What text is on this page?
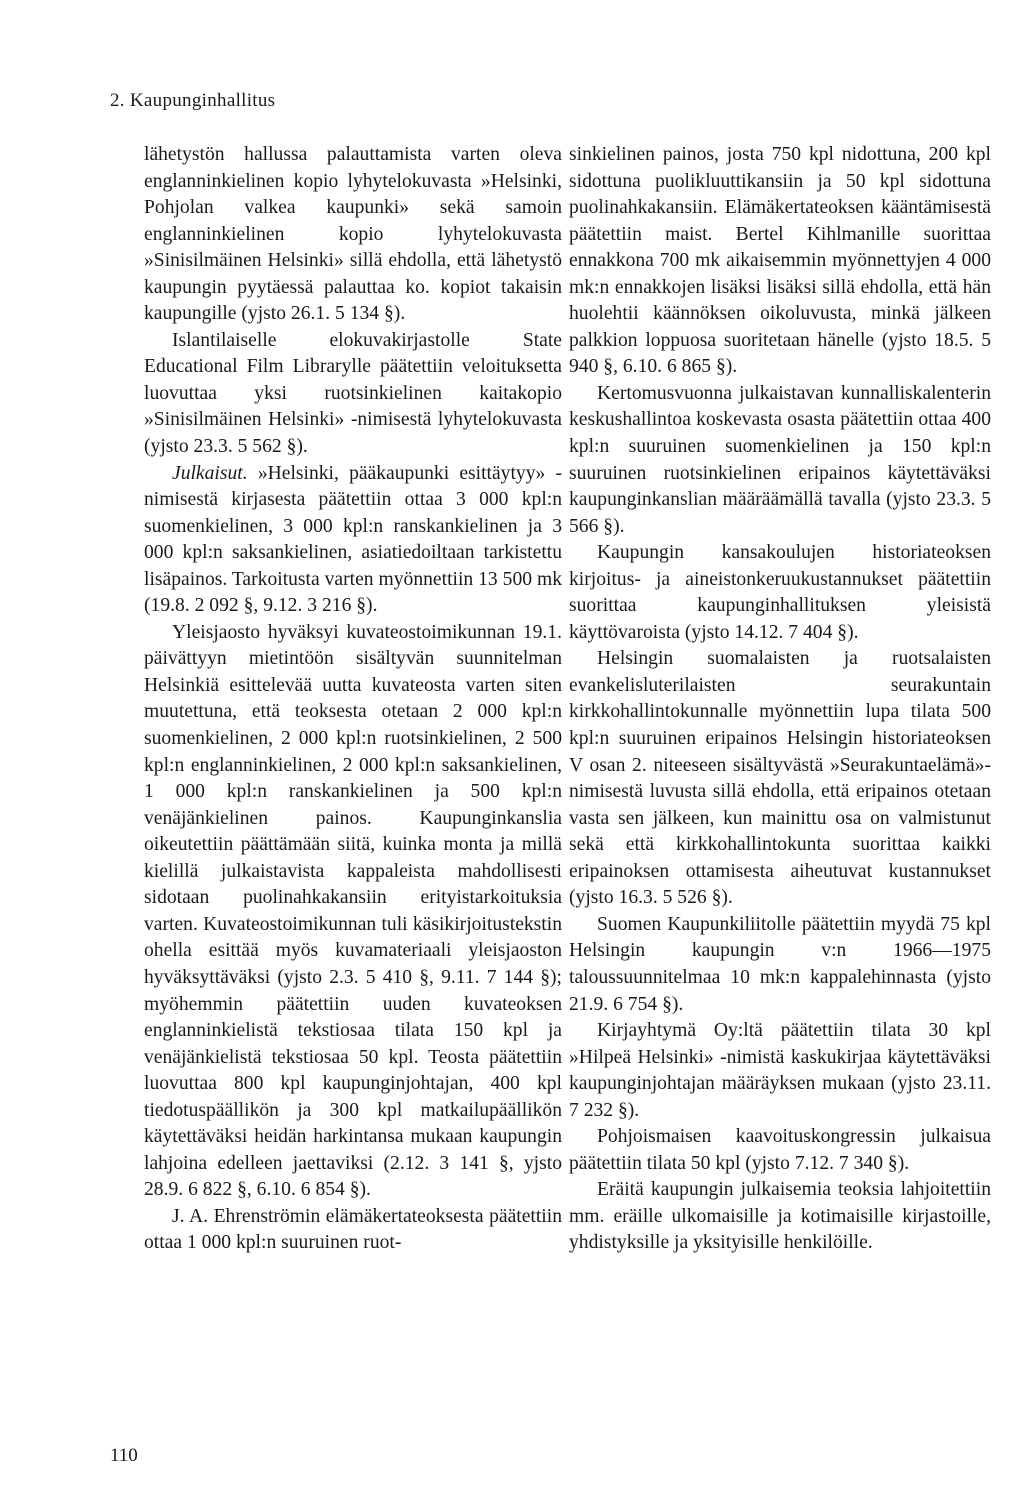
2. Kaupunginhallitus

lähetystön hallussa palauttamista varten oleva englanninkielinen kopio lyhytelokuvasta »Helsinki, Pohjolan valkea kaupunki» sekä samoin englanninkielinen kopio lyhytelokuvasta »Sinisilmäinen Helsinki» sillä ehdolla, että lähetystö kaupungin pyytäessä palauttaa ko. kopiot takaisin kaupungille (yjsto 26.1. 5 134 §).

Islantilaiselle elokuvakirjastolle State Educational Film Librarylle päätettiin veloituksetta luovuttaa yksi ruotsinkielinen kaitakopio »Sinisilmäinen Helsinki» -nimisestä lyhytelokuvasta (yjsto 23.3. 5 562 §).

Julkaisut. »Helsinki, pääkaupunki esittäytyy» -nimisestä kirjasesta päätettiin ottaa 3 000 kpl:n suomenkielinen, 3 000 kpl:n ranskankielinen ja 3 000 kpl:n saksankielinen, asiatiedoiltaan tarkistettu lisäpainos. Tarkoitusta varten myönnettiin 13 500 mk (19.8. 2 092 §, 9.12. 3 216 §).

Yleisjaosto hyväksyi kuvateostoimikunnan 19.1. päivättyyn mietintöön sisältyvän suunnitelman Helsinkiä esittelevää uutta kuvateosta varten siten muutettuna, että teoksesta otetaan 2 000 kpl:n suomenkielinen, 2 000 kpl:n ruotsinkielinen, 2 500 kpl:n englanninkielinen, 2 000 kpl:n saksankielinen, 1 000 kpl:n ranskankielinen ja 500 kpl:n venäjänkielinen painos. Kaupunginkanslia oikeutettiin päättämään siitä, kuinka monta ja millä kielillä julkaistavista kappaleista mahdollisesti sidotaan puolinahkakansiin erityistarkoituksia varten. Kuvateostoimikunnan tuli käsikirjoitustekstin ohella esittää myös kuvamateriaali yleisjaoston hyväksyttäväksi (yjsto 2.3. 5 410 §, 9.11. 7 144 §); myöhemmin päätettiin uuden kuvateoksen englanninkielistä tekstiosaa tilata 150 kpl ja venäjänkielistä tekstiosaa 50 kpl. Teosta päätettiin luovuttaa 800 kpl kaupunginjohtajan, 400 kpl tiedotuspäällikön ja 300 kpl matkailupäällikön käytettäväksi heidän harkintansa mukaan kaupungin lahjoina edelleen jaettaviksi (2.12. 3 141 §, yjsto 28.9. 6 822 §, 6.10. 6 854 §).

J. A. Ehrenströmin elämäkertateoksesta päätettiin ottaa 1 000 kpl:n suuruinen ruot-

sinkielinen painos, josta 750 kpl nidottuna, 200 kpl sidottuna puolikluuttikansiin ja 50 kpl sidottuna puolinahkakansiin. Elämäkertateoksen kääntämisestä päätettiin maist. Bertel Kihlmanille suorittaa ennakkona 700 mk aikaisemmin myönnettyjen 4 000 mk:n ennakkojen lisäksi lisäksi sillä ehdolla, että hän huolehtii käännöksen oikoluvusta, minkä jälkeen palkkion loppuosa suoritetaan hänelle (yjsto 18.5. 5 940 §, 6.10. 6 865 §).

Kertomusvuonna julkaistavan kunnalliskalenterin keskushallintoa koskevasta osasta päätettiin ottaa 400 kpl:n suuruinen suomenkielinen ja 150 kpl:n suuruinen ruotsinkielinen eripainos käytettäväksi kaupunginkanslian määräämällä tavalla (yjsto 23.3. 5 566 §).

Kaupungin kansakoulujen historiateoksen kirjoitus- ja aineistonkeruukustannukset päätettiin suorittaa kaupunginhallituksen yleisistä käyttövaroista (yjsto 14.12. 7 404 §).

Helsingin suomalaisten ja ruotsalaisten evankelisluterilaisten seurakuntain kirkkohallintokunnalle myönnettiin lupa tilata 500 kpl:n suuruinen eripainos Helsingin historiateoksen V osan 2. niteeseen sisältyvästä »Seurakuntaelämä»-nimisestä luvusta sillä ehdolla, että eripainos otetaan vasta sen jälkeen, kun mainittu osa on valmistunut sekä että kirkkohallintokunta suorittaa kaikki eripainoksen ottamisesta aiheutuvat kustannukset (yjsto 16.3. 5 526 §).

Suomen Kaupunkiliitolle päätettiin myydä 75 kpl Helsingin kaupungin v:n 1966—1975 taloussuunnitelmaa 10 mk:n kappalehinnasta (yjsto 21.9. 6 754 §).

Kirjayhtymä Oy:ltä päätettiin tilata 30 kpl »Hilpeä Helsinki» -nimistä kaskukirjaa käytettäväksi kaupunginjohtajan määräyksen mukaan (yjsto 23.11. 7 232 §).

Pohjoismaisen kaavoituskongressin julkaisua päätettiin tilata 50 kpl (yjsto 7.12. 7 340 §).

Eräitä kaupungin julkaisemia teoksia lahjoitettiin mm. eräille ulkomaisille ja kotimaisille kirjastoille, yhdistyksille ja yksityisille henkilöille.

110
